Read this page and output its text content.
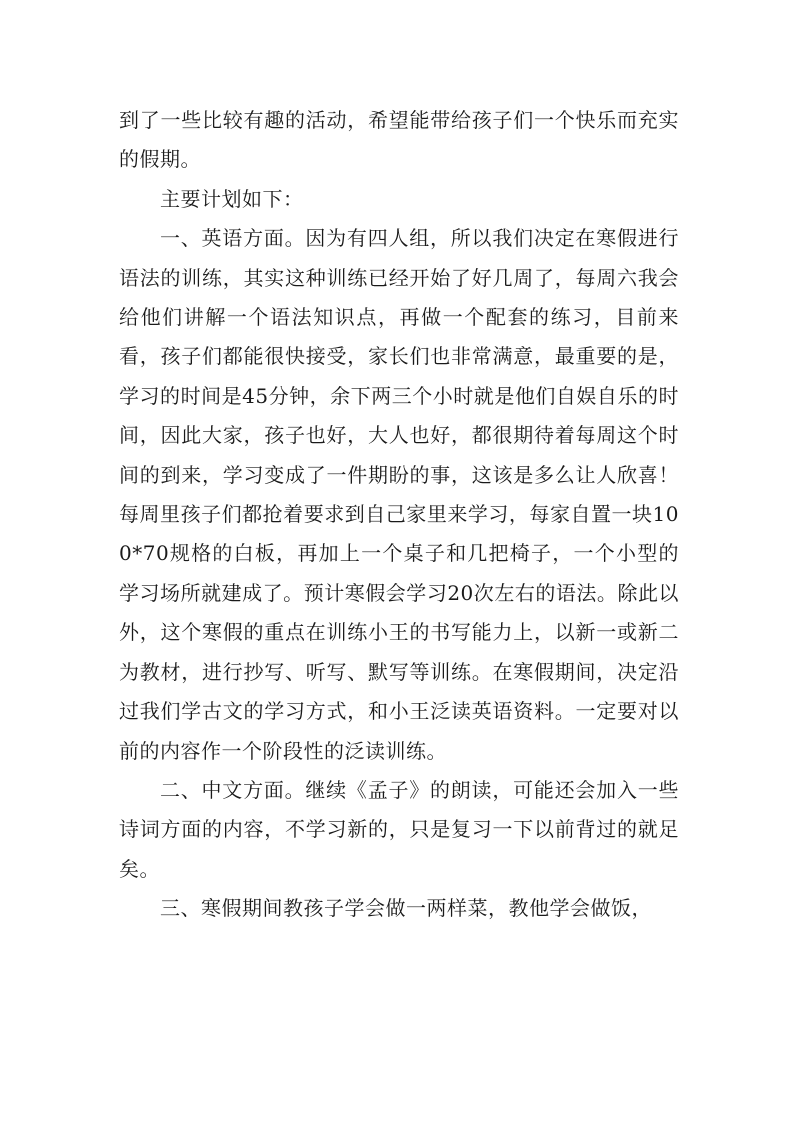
到了一些比较有趣的活动，希望能带给孩子们一个快乐而充实的假期。

主要计划如下：

一、英语方面。因为有四人组，所以我们决定在寒假进行语法的训练，其实这种训练已经开始了好几周了，每周六我会给他们讲解一个语法知识点，再做一个配套的练习，目前来看，孩子们都能很快接受，家长们也非常满意，最重要的是，学习的时间是45分钟，余下两三个小时就是他们自娱自乐的时间，因此大家，孩子也好，大人也好，都很期待着每周这个时间的到来，学习变成了一件期盼的事，这该是多么让人欣喜！每周里孩子们都抢着要求到自己家里来学习，每家自置一块100*70规格的白板，再加上一个桌子和几把椅子，一个小型的学习场所就建成了。预计寒假会学习20次左右的语法。除此以外，这个寒假的重点在训练小王的书写能力上，以新一或新二为教材，进行抄写、听写、默写等训练。在寒假期间，决定沿过我们学古文的学习方式，和小王泛读英语资料。一定要对以前的内容作一个阶段性的泛读训练。

二、中文方面。继续《孟子》的朗读，可能还会加入一些诗词方面的内容，不学习新的，只是复习一下以前背过的就足矣。

三、寒假期间教孩子学会做一两样菜，教他学会做饭，
